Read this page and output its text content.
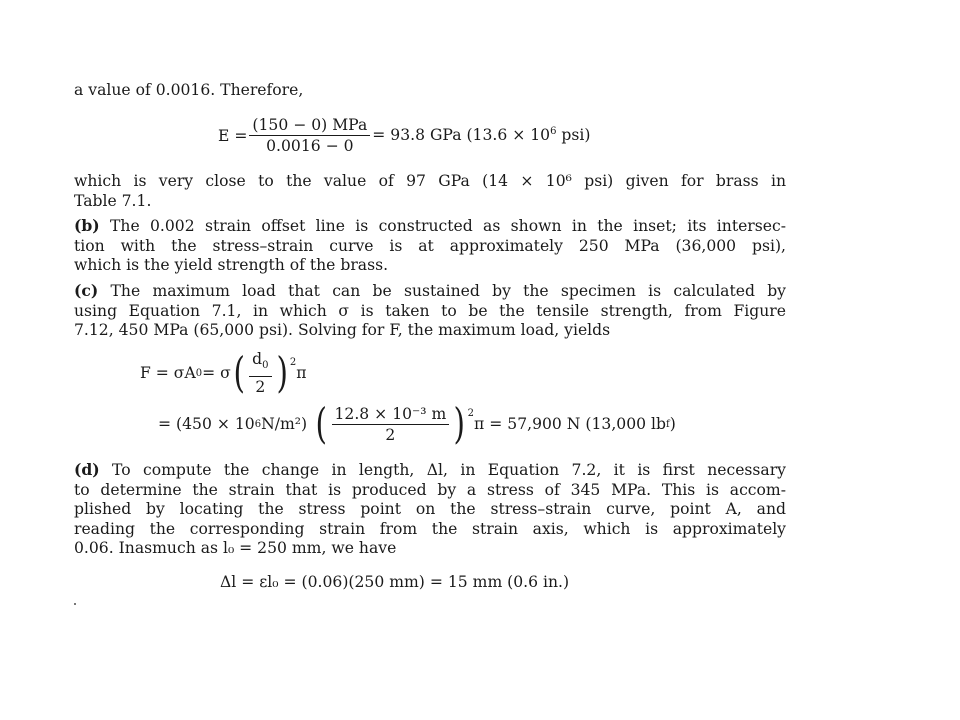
a value of 0.0016. Therefore,
$E = \frac{\text{(150 − 0) MPa}}{0.0016 - 0} = 93.8$ GPa ($13.6 \times 10^6$ psi)
which is very close to the value of 97 GPa (14 × 10⁶ psi) given for brass in
Table 7.1.
(b) The 0.002 strain offset line is constructed as shown in the inset; its intersec-
tion with the stress–strain curve is at approximately 250 MPa (36,000 psi),
which is the yield strength of the brass.
(c) The maximum load that can be sustained by the specimen is calculated by
using Equation 7.1, in which σ is taken to be the tensile strength, from Figure
7.12, 450 MPa (65,000 psi). Solving for F, the maximum load, yields
F = σA 0 = σ ( $\frac{d_0}{2}$ ) 2
π
= (450 × 10 6 N/m²) ( $\frac{\text{12.8 × 10⁻³ m}}{2}$ ) 2
π = 57,900 N (13,000 lb f )
(d) To compute the change in length, Δl, in Equation 7.2, it is first necessary
to determine the strain that is produced by a stress of 345 MPa. This is accom-
plished by locating the stress point on the stress–strain curve, point A, and
reading the corresponding strain from the strain axis, which is approximately
0.06. Inasmuch as l₀ = 250 mm, we have
Δl = εl₀ = (0.06)(250 mm) = 15 mm (0.6 in.)
